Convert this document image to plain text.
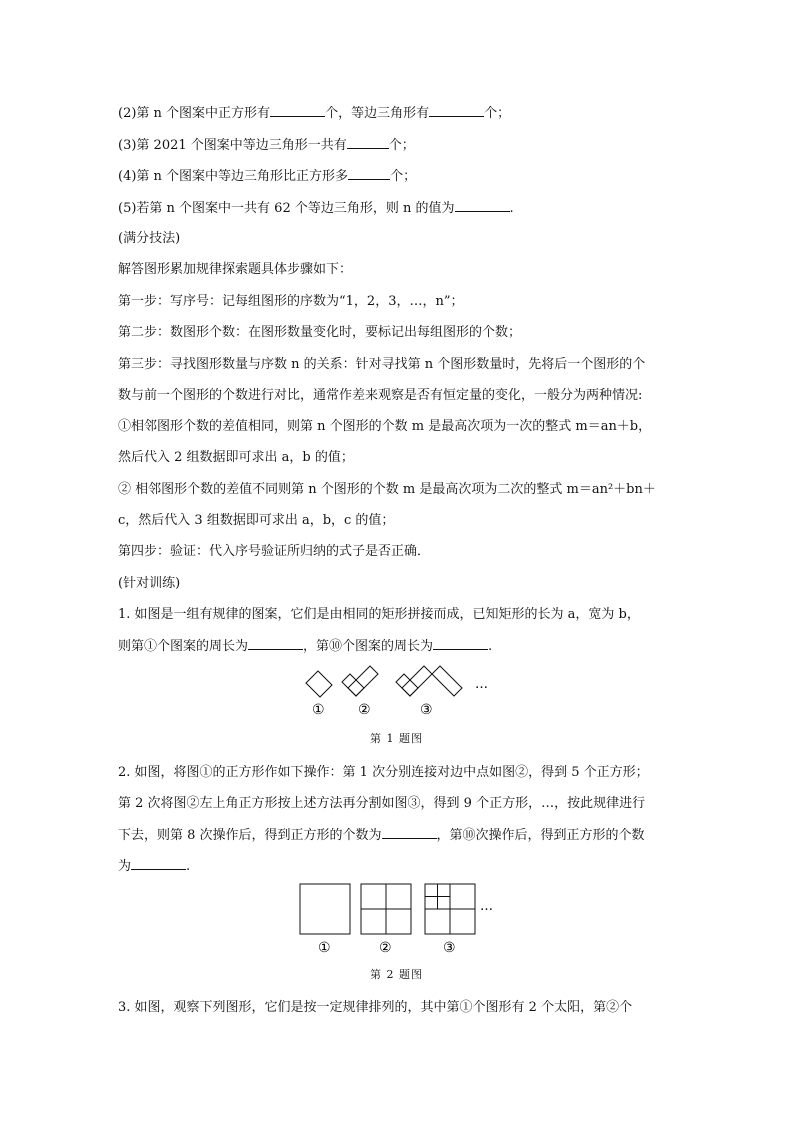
(2)第 n 个图案中正方形有	个，等边三角形有	个；
(3)第 2021 个图案中等边三角形一共有	个；
(4)第 n 个图案中等边三角形比正方形多	个；
(5)若第 n 个图案中一共有 62 个等边三角形，则 n 的值为	.
(满分技法)
解答图形累加规律探索题具体步骤如下：
第一步：写序号：记每组图形的序数为“1，2，3，…，n”；
第二步：数图形个数：在图形数量变化时，要标记出每组图形的个数；
第三步：寻找图形数量与序数 n 的关系：针对寻找第 n 个图形数量时，先将后一个图形的个
数与前一个图形的个数进行对比，通常作差来观察是否有恒定量的变化，一般分为两种情况:
①相邻图形个数的差值相同，则第 n 个图形的个数 m 是最高次项为一次的整式 m＝an＋b，
然后代入 2 组数据即可求出 a，b 的值；
② 相邻图形个数的差值不同则第 n 个图形的个数 m 是最高次项为二次的整式 m＝an²＋bn＋
c，然后代入 3 组数据即可求出 a，b，c 的值；
第四步：验证：代入序号验证所归纳的式子是否正确．
(针对训练)
1. 如图是一组有规律的图案，它们是由相同的矩形拼接而成，已知矩形的长为 a，宽为 b，
则第①个图案的周长为	，第⑩个图案的周长为	.
…
① ②	③
第 1 题图
2. 如图，将图①的正方形作如下操作：第 1 次分别连接对边中点如图②，得到 5 个正方形；
第 2 次将图②左上角正方形按上述方法再分割如图③，得到 9 个正方形，…，按此规律进行
下去，则第 8 次操作后，得到正方形的个数为	，第⑩次操作后，得到正方形的个数
为	.
…
①	②	③
第 2 题图
3. 如图，观察下列图形，它们是按一定规律排列的，其中第①个图形有 2 个太阳，第②个
